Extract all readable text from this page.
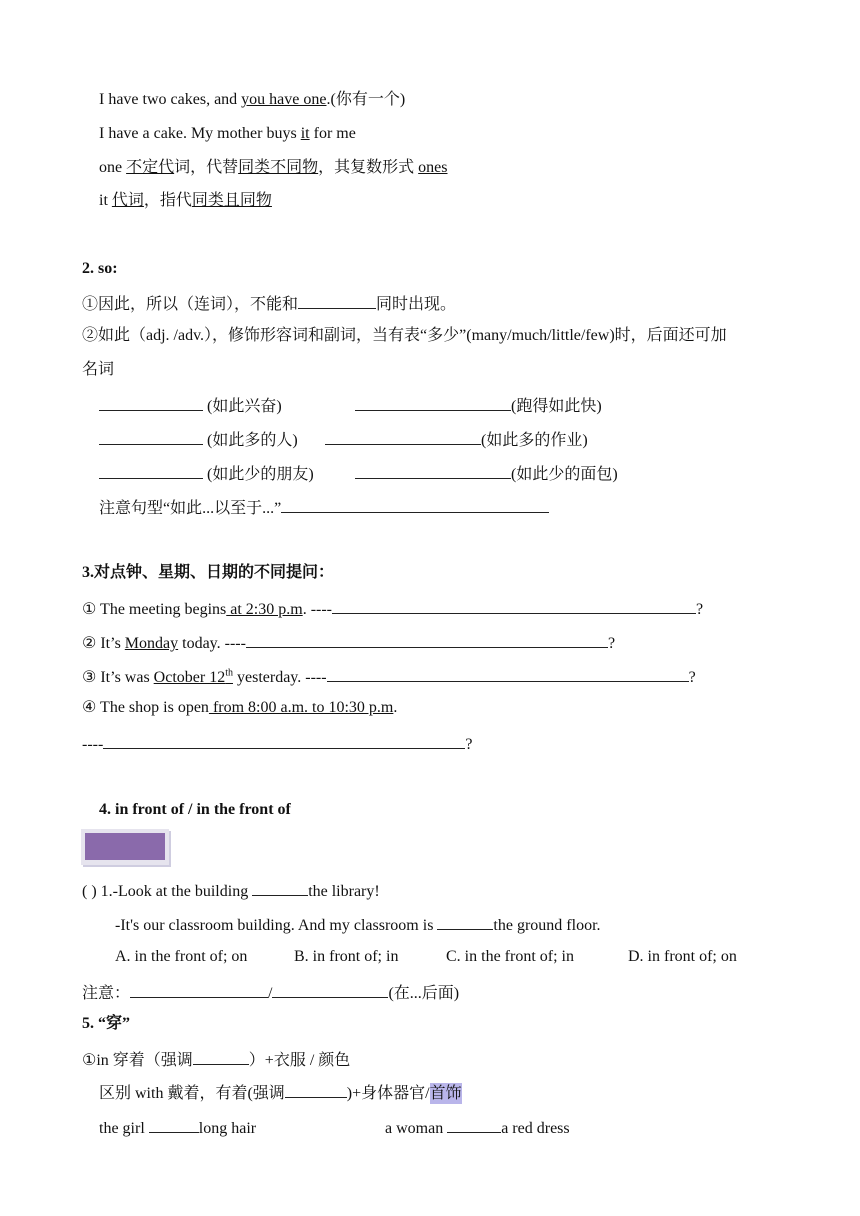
I have two cakes, and you have one.(你有一个)
I have a cake. My mother buys it for me
one 不定代词，代替同类不同物，其复数形式 ones
it 代词，指代同类且同物
2. so:
①因此，所以（连词），不能和	同时出现。
②如此（adj. /adv.），修饰形容词和副词，当有表“多少”(many/much/little/few)时，后面还可加
名词
(如此兴奋)	(跑得如此快)
(如此多的人)	(如此多的作业)
(如此少的朋友)	(如此少的面包)
注意句型“如此...以至于...”
3.对点钟、星期、日期的不同提问：
① The meeting begins at 2:30 p.m. ----	?
② It’s Monday today. ----	?
③ It’s was October 12th yesterday. ----	?
④ The shop is open from 8:00 a.m. to 10:30 p.m.
----	?
4. in front of / in the front of
( ) 1.-Look at the building	the library!
-It's our classroom building. And my classroom is	the ground floor.
A. in the front of; on	B. in front of; in	C. in the front of; in	D. in front of; on
注意：	/	(在...后面)
5. “穿”
①in 穿着（强调	）+衣服 / 颜色
区别 with 戴着，有着(强调	)+身体器官/首饰
the girl	long hair	a woman	a red dress
